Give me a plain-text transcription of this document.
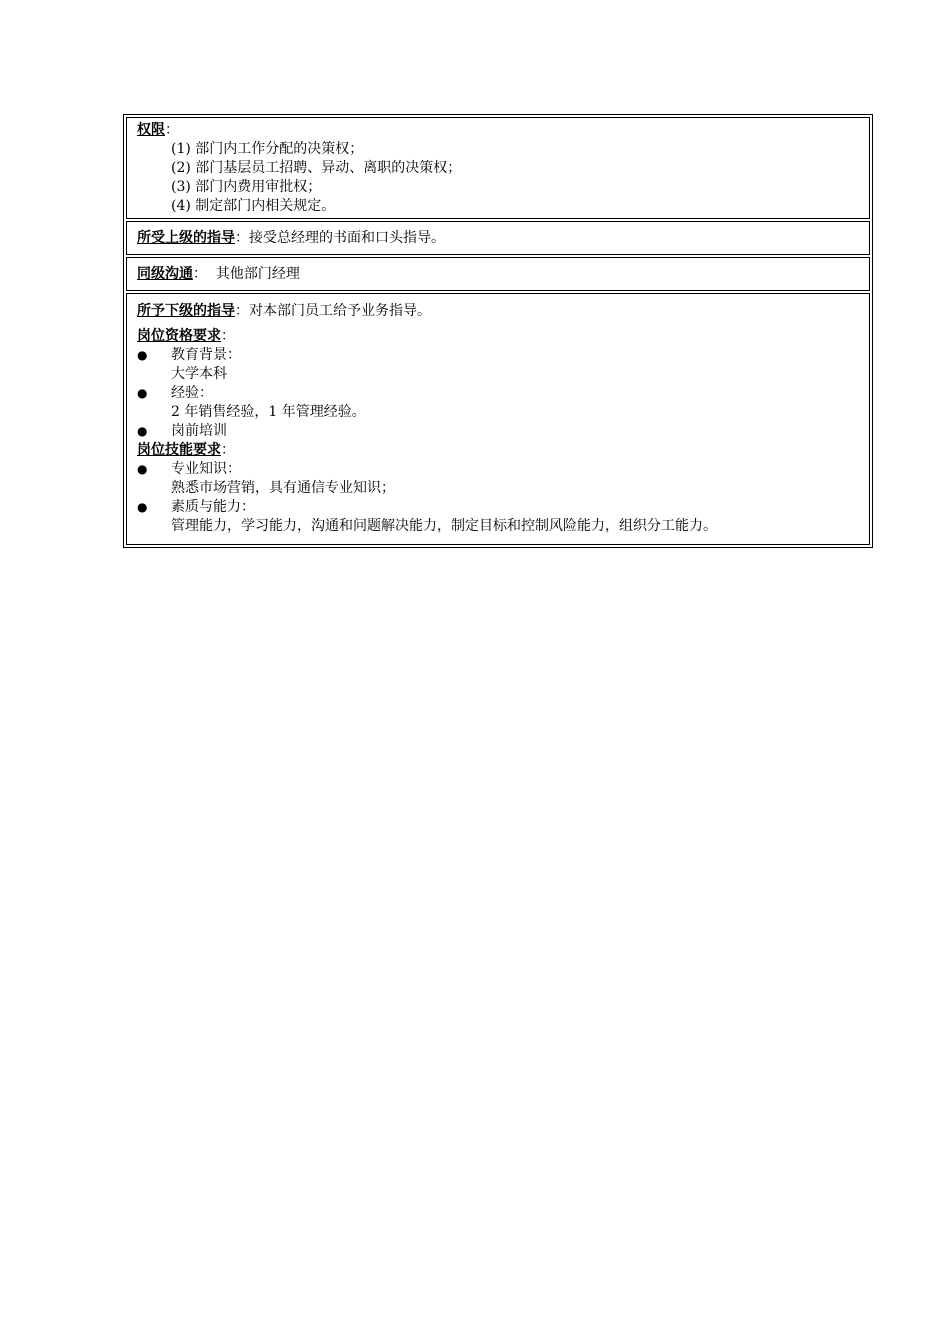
权限：
(1) 部门内工作分配的决策权；
(2) 部门基层员工招聘、异动、离职的决策权；
(3) 部门内费用审批权；
(4) 制定部门内相关规定。
所受上级的指导：接受总经理的书面和口头指导。
同级沟通：  其他部门经理
所予下级的指导：对本部门员工给予业务指导。
岗位资格要求：
●	教育背景：
大学本科
●	经验：
2 年销售经验，1 年管理经验。
●	岗前培训
岗位技能要求：
●	专业知识：
熟悉市场营销，具有通信专业知识；
●	素质与能力：
管理能力，学习能力，沟通和问题解决能力，制定目标和控制风险能力，组织分工能力。
